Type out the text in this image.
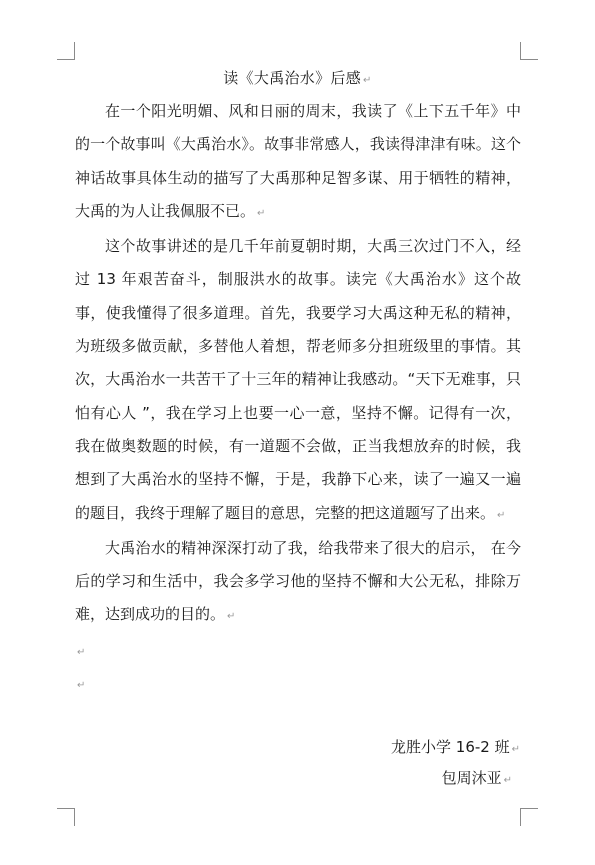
读《大禹治水》后感 ↵

在一个阳光明媚、风和日丽的周末，我读了《上下五千年》中的一个故事叫《大禹治水》。故事非常感人，我读得津津有味。这个神话故事具体生动的描写了大禹那种足智多谋、用于牺牲的精神，大禹的为人让我佩服不已。 ↵

这个故事讲述的是几千年前夏朝时期，大禹三次过门不入，经过 13 年艰苦奋斗，制服洪水的故事。读完《大禹治水》这个故事，使我懂得了很多道理。首先，我要学习大禹这种无私的精神，为班级多做贡献，多替他人着想，帮老师多分担班级里的事情。其次，大禹治水一共苦干了十三年的精神让我感动。“天下无难事，只怕有心人 ”，我在学习上也要一心一意，坚持不懈。记得有一次，我在做奥数题的时候，有一道题不会做，正当我想放弃的时候，我想到了大禹治水的坚持不懈，于是，我静下心来，读了一遍又一遍的题目，我终于理解了题目的意思，完整的把这道题写了出来。 ↵

大禹治水的精神深深打动了我，给我带来了很大的启示， 在今后的学习和生活中，我会多学习他的坚持不懈和大公无私，排除万难，达到成功的目的。 ↵

↵

↵

龙胜小学 16-2 班 ↵
包周沐亚 ↵
